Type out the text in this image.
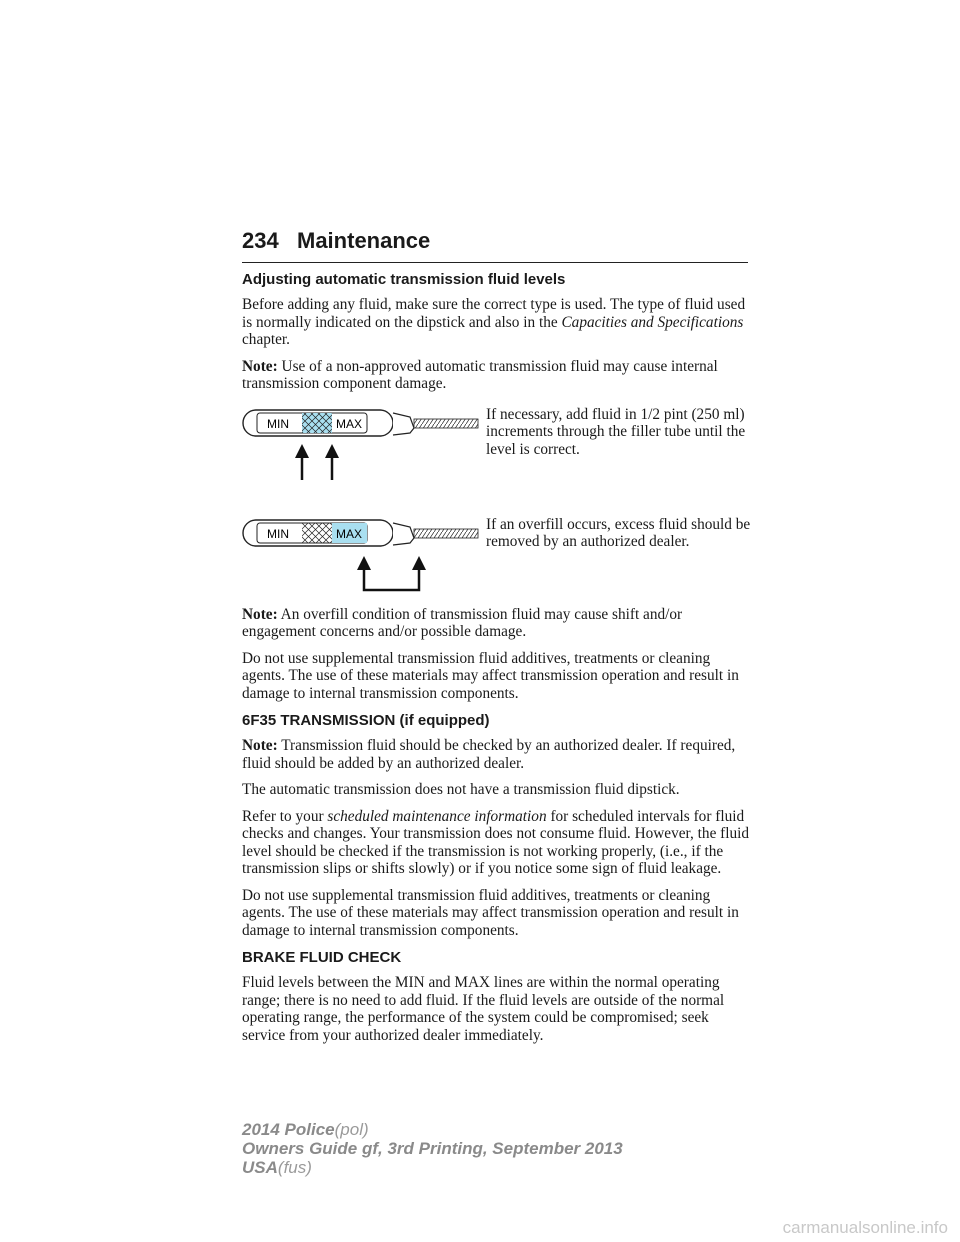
234 Maintenance
Adjusting automatic transmission fluid levels

Before adding any fluid, make sure the correct type is used. The type of fluid used is normally indicated on the dipstick and also in the Capacities and Specifications chapter.

Note: Use of a non-approved automatic transmission fluid may cause internal transmission component damage.

MIN	MAX
MIN	MAX

If necessary, add fluid in 1/2 pint (250 ml) increments through the filler tube until the level is correct.

If an overfill occurs, excess fluid should be removed by an authorized dealer.

Note: An overfill condition of transmission fluid may cause shift and/or engagement concerns and/or possible damage.

Do not use supplemental transmission fluid additives, treatments or cleaning agents. The use of these materials may affect transmission operation and result in damage to internal transmission components.

6F35 TRANSMISSION (if equipped)

Note: Transmission fluid should be checked by an authorized dealer. If required, fluid should be added by an authorized dealer.

The automatic transmission does not have a transmission fluid dipstick.

Refer to your scheduled maintenance information for scheduled intervals for fluid checks and changes. Your transmission does not consume fluid. However, the fluid level should be checked if the transmission is not working properly, (i.e., if the transmission slips or shifts slowly) or if you notice some sign of fluid leakage.

Do not use supplemental transmission fluid additives, treatments or cleaning agents. The use of these materials may affect transmission operation and result in damage to internal transmission components.

BRAKE FLUID CHECK

Fluid levels between the MIN and MAX lines are within the normal operating range; there is no need to add fluid. If the fluid levels are outside of the normal operating range, the performance of the system could be compromised; seek service from your authorized dealer immediately.

2014 Police(pol)
Owners Guide gf, 3rd Printing, September 2013
USA(fus)
carmanualsonline.info
